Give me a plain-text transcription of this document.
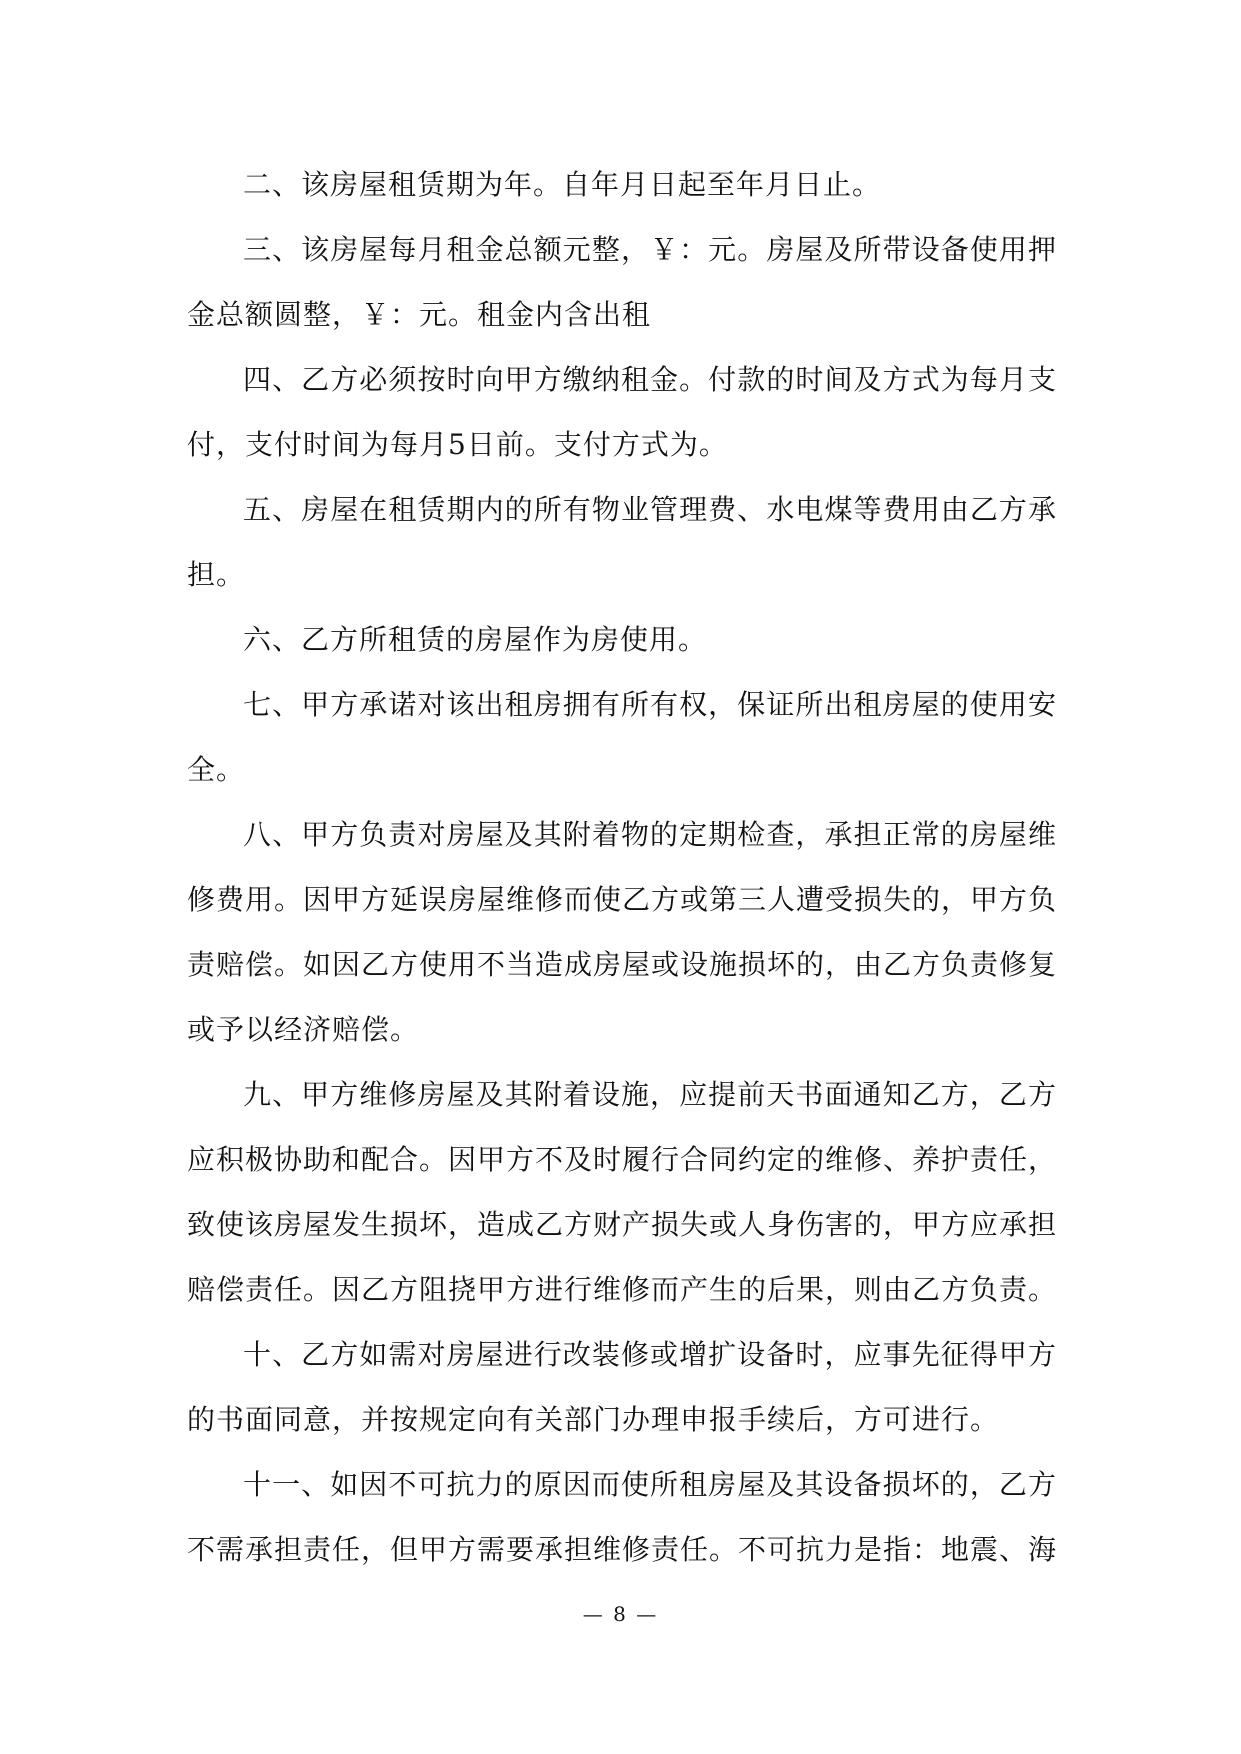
二、该房屋租赁期为年。自年月日起至年月日止。

三、该房屋每月租金总额元整，￥：元。房屋及所带设备使用押金总额圆整，￥：元。租金内含出租

四、乙方必须按时向甲方缴纳租金。付款的时间及方式为每月支付，支付时间为每月5日前。支付方式为。

五、房屋在租赁期内的所有物业管理费、水电煤等费用由乙方承担。

六、乙方所租赁的房屋作为房使用。

七、甲方承诺对该出租房拥有所有权，保证所出租房屋的使用安全。

八、甲方负责对房屋及其附着物的定期检查，承担正常的房屋维修费用。因甲方延误房屋维修而使乙方或第三人遭受损失的，甲方负责赔偿。如因乙方使用不当造成房屋或设施损坏的，由乙方负责修复或予以经济赔偿。

九、甲方维修房屋及其附着设施，应提前天书面通知乙方，乙方应积极协助和配合。因甲方不及时履行合同约定的维修、养护责任，致使该房屋发生损坏，造成乙方财产损失或人身伤害的，甲方应承担赔偿责任。因乙方阻挠甲方进行维修而产生的后果，则由乙方负责。

十、乙方如需对房屋进行改装修或增扩设备时，应事先征得甲方的书面同意，并按规定向有关部门办理申报手续后，方可进行。

十一、如因不可抗力的原因而使所租房屋及其设备损坏的，乙方不需承担责任，但甲方需要承担维修责任。不可抗力是指：地震、海

— 8 —
